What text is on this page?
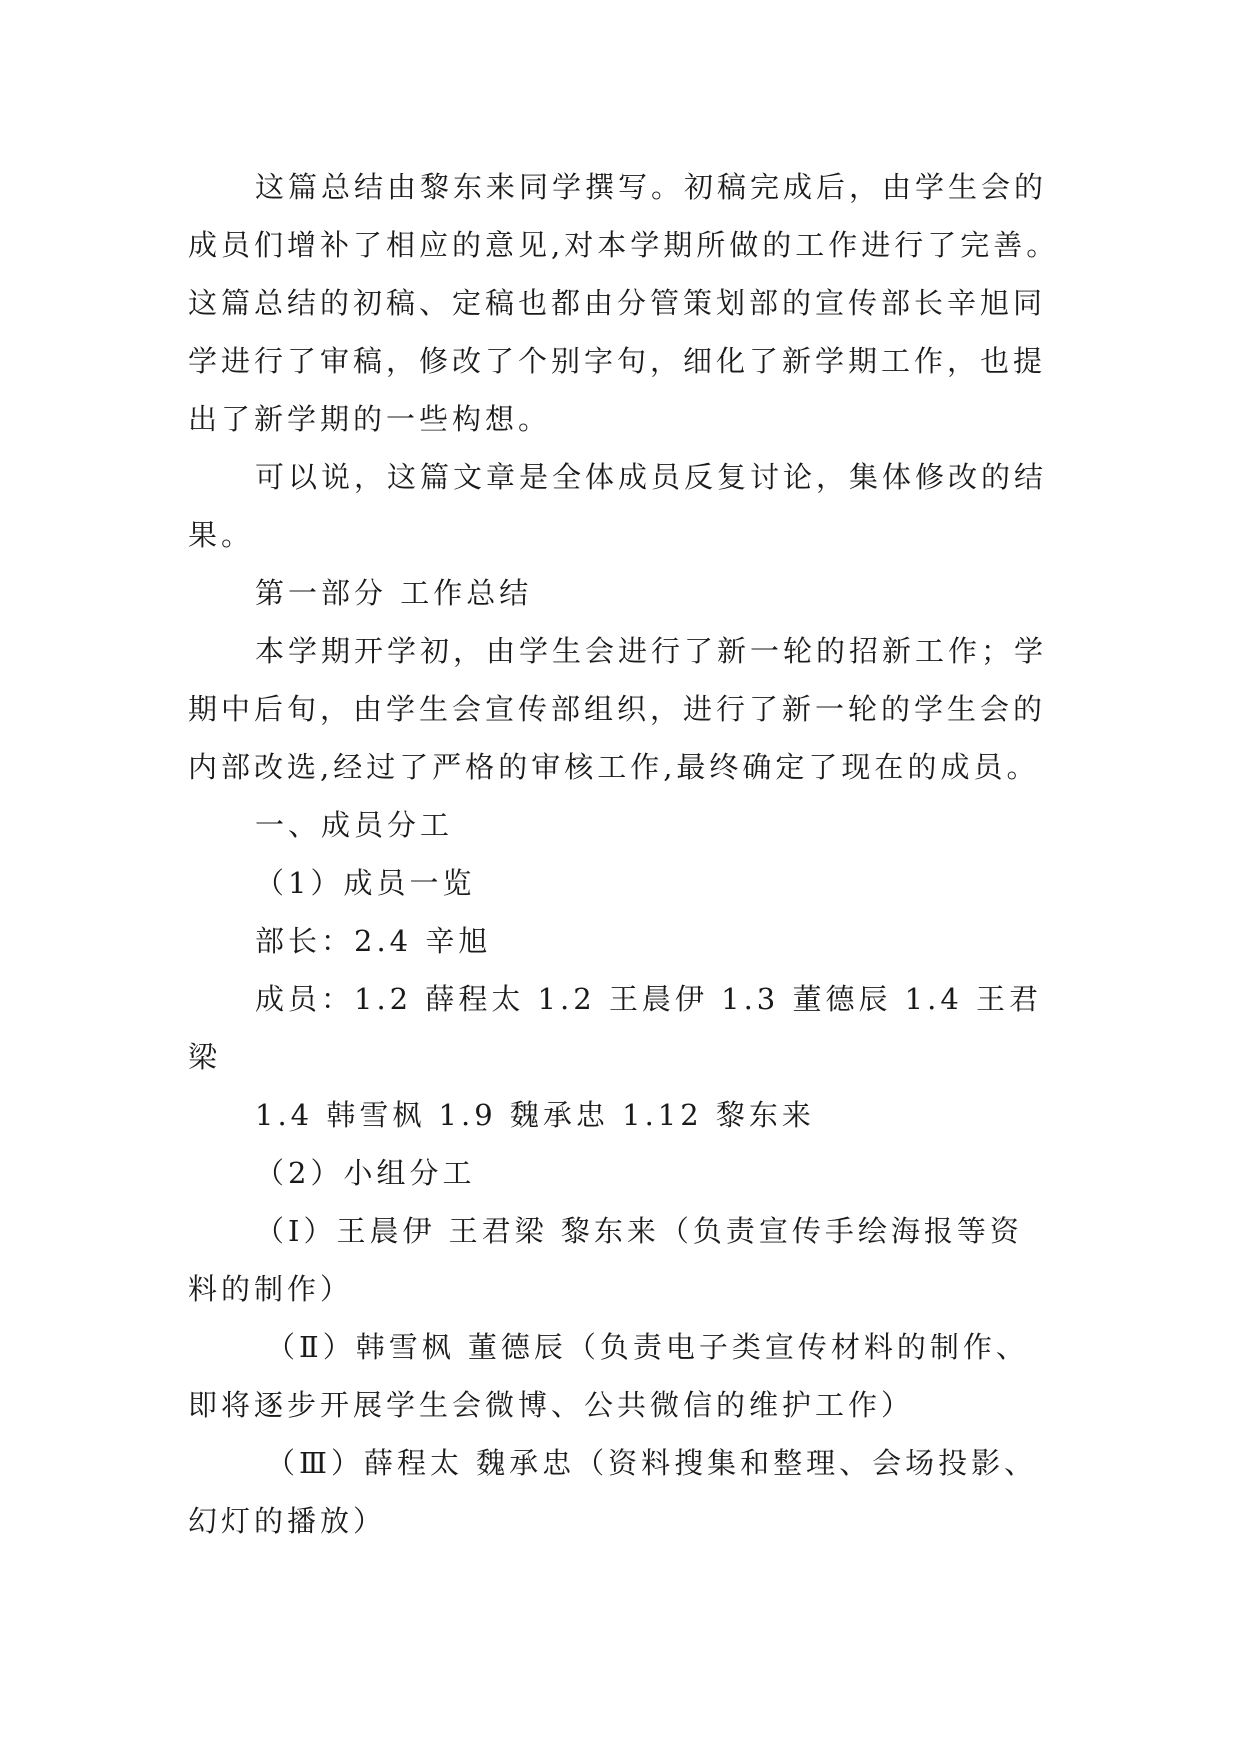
这篇总结由黎东来同学撰写。初稿完成后，由学生会的
成员们增补了相应的意见,对本学期所做的工作进行了完善。
这篇总结的初稿、定稿也都由分管策划部的宣传部长辛旭同
学进行了审稿，修改了个别字句，细化了新学期工作，也提
出了新学期的一些构想。
可以说，这篇文章是全体成员反复讨论，集体修改的结
果。
第一部分 工作总结
本学期开学初，由学生会进行了新一轮的招新工作；学
期中后旬，由学生会宣传部组织，进行了新一轮的学生会的
内部改选,经过了严格的审核工作,最终确定了现在的成员。
一、成员分工
（1）成员一览
部长：2.4 辛旭
成员：1.2 薛程太 1.2 王晨伊 1.3 董德辰 1.4 王君
梁
1.4 韩雪枫 1.9 魏承忠 1.12 黎东来
（2）小组分工
（Ⅰ）王晨伊 王君梁 黎东来（负责宣传手绘海报等资
料的制作）
（Ⅱ）韩雪枫 董德辰（负责电子类宣传材料的制作、
即将逐步开展学生会微博、公共微信的维护工作）
（Ⅲ）薛程太 魏承忠（资料搜集和整理、会场投影、
幻灯的播放）
